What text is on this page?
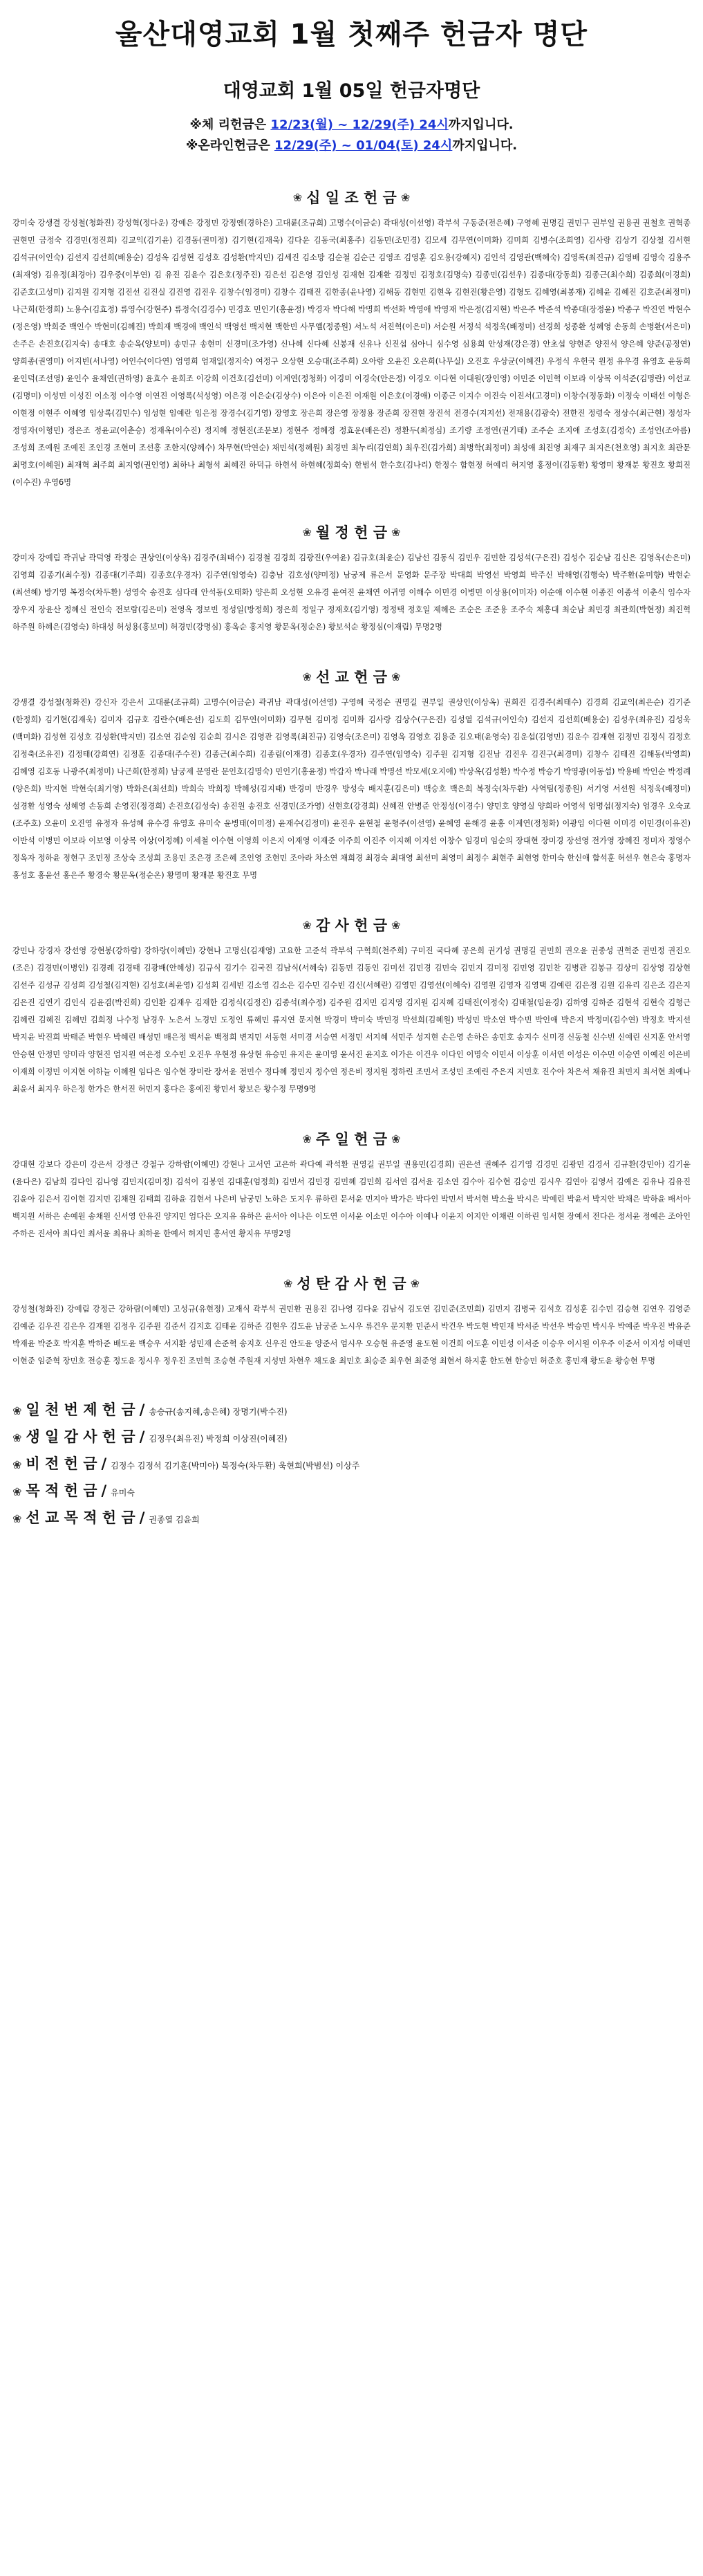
울산대영교회 1월 첫째주 헌금자 명단
대영교회 1월 05일 헌금자명단
※체 리헌금은 12/23(월) ~ 12/29(주) 24시까지입니다.
※온라인헌금은 12/29(주) ~ 01/04(토) 24시까지입니다.
❀ 십 일 조 헌 금 ❀
강미숙 강생결 강성철(청화진) 강성혁(정다운) 강예은 강정민 강정엔(경하은) 고대륜(조규희) 고명수(이금순) 곽대성(이선영) 곽부석 구동준(전은혜) 구영혜 권명길 권민구 권부일 권용권 권철호 권혁종 권현민 금정숙 김경민(정진희) 김교익(김기윤) 김경동(권미정) 김기현(김재욱) 김다운 김동국(최홍주) 김동민(조민경) 김모세 김무연(이미화) 김미희 김병수(조희영) 김사랑 김상기 김상철 김서현 김석규(이인숙) 김선지 김선희(배용순) 김성옥 김성현 김성호 김성환(박지민) 김세진 김소망 김순철 김순근 김영조 김영훈 김오용(강혜지) 김인석 김영관(백혜숙) 김영록(최진규) 김영배 김영숙 김용주(최재영) 김유정(최경아) 김우중(이부연) 김 유진 김윤수 김은호(정주진) 김은선 김은영 김인성 김재현 김재환 김정민 김정호(김명숙) 김종민(김선우) 김종대(강동희) 김종근(최수희) 김종희(이경희) 김준호(고성미) 김지원 김지형 김진선 김진실 김진영 김진우 김창수(임경미) 김창수 김태진 김한종(윤나영) 김해동 김현민 김현옥 김현진(황은영) 김형도 김혜영(최봉재) 김혜윤 김혜진 김호준(최정미) 나근희(한정희) 노용수(김효정) 류영수(강현주) 류정숙(김경수) 민경호 민인기(홍윤정) 박경자 박다해 박명희 박선화 박영애 박영재 박은정(김지현) 박은주 박준석 박종대(장정윤) 박종구 박진연 박현수(정은영) 박희준 백인수 박현미(김혜진) 박희재 백경애 백인석 백영선 백지현 백한빈 사무엘(정종원) 서노석 서진혁(이은미) 서순원 서정석 석정욱(배정미) 선경희 성종환 성혜영 손동희 손병환(서은미) 손주은 손진호(김지숙) 송대호 송순옥(양보미) 송민규 송현미 신경미(조가영) 신나혜 신다혜 신봉재 신유나 신진섭 심아니 심수영 심용희 안성재(강은경) 안초섭 양현준 양진석 양은혜 양준(공정연) 양희종(권영미) 어지빈(서나영) 어인수(이다연) 엄영희 엄재일(정지숙) 여정구 오상현 오승대(조주희) 오아람 오윤진 오은희(나무실) 오진호 우상균(이혜진) 우정식 우헌국 원정 유우경 유영호 윤동희 윤인덕(조선영) 윤인수 윤채연(권하영) 윤효수 윤희조 이강희 이건호(김선미) 이계연(정청화) 이경미 이경숙(안은정) 이경오 이다현 이대원(장인영) 이민준 이민혁 이보라 이상목 이석준(김명란) 이선교(김명미) 이성민 이성진 이소정 이수영 이연진 이영록(석성영) 이은경 이은순(김상수) 이은아 이은진 이재원 이은호(이경애) 이종근 이지수 이진숙 이진서(고경미) 이창수(정동화) 이정숙 이태선 이형은 이현정 이현주 이혜영 임상록(김민수) 임성현 임예란 임은정 장경수(김기영) 장영호 장은희 장은영 장정용 장준희 장진현 장진석 전경수(지지선) 전재용(김광숙) 전한진 정령숙 정상수(최근현) 정성자 정영자(이형민) 정은조 정윤교(이춘승) 정재옥(이수진) 정지혜 정현진(조문보) 정현주 정혜정 정효운(배은진) 정환두(최정심) 조기량 조정연(권기태) 조주순 조지애 조성호(김정숙) 조성인(조아름) 조성희 조예원 조예진 조인경 조현미 조선홍 조한지(양혜수) 차무현(박연순) 채민석(정혜원) 최경민 최누리(김연희) 최우진(김가희) 최병학(최정미) 최성애 최진영 최재구 최지은(천호영) 최지호 최관문 최명호(이혜원) 최재혁 최주희 최지영(권인영) 최하나 최형석 최혜진 하덕규 하헌석 하현혜(정희숙) 한범석 한수호(김나리) 한정수 함현정 허예리 허지영 홍정이(김동환) 황영미 황재분 황진호 황희진(이수진) 우영6명
❀ 월 정 헌 금 ❀
강미자 강예림 곽귀남 곽덕영 곽정순 권상인(이상옥) 김경주(최태수) 김경철 김경희 김광진(우여윤) 김규호(최윤순) 김남선 김동식 김민우 김민한 김성석(구은진) 김성수 김순남 김신은 김영옥(손은미) 김영희 김종기(최수정) 김종대(기주희) 김종호(우경자) 김주연(임영숙) 김충남 김호성(양미정) 남궁제 류은서 문영화 문주장 박대희 박영선 박영희 박주신 박해영(김행숙) 박주환(윤미향) 박현순(최선혜) 방기영 복정숙(차두환) 성영숙 송진호 심다래 안석동(오태화) 양은희 오성현 오유경 윤여진 윤채연 이귀영 이해수 이민경 이병민 이상용(이미자) 이순애 이수현 이종진 이종석 이춘식 임수자 장우지 장윤산 정혜신 전인숙 전보람(김은미) 전영옥 정보빈 정성일(방정희) 정은희 정일구 정재호(김기영) 정정택 정호일 제혜은 조순은 조준용 조주숙 채홍대 최순남 최민경 최관희(박현정) 최진혁 하주원 하혜은(김영숙) 하대성 허성용(홍보미) 허경민(강명심) 홍옥순 홍지영 황문옥(정순온) 황보석순 황정심(이재림) 무명2명
❀ 선 교 헌 금 ❀
강생결 강성철(청화진) 강신자 강은서 고대륜(조규희) 고명수(이금순) 곽귀남 곽대성(이선영) 구영혜 국정순 권명길 권부일 권상인(이상옥) 권희진 김경주(최태수) 김경희 김교익(최은순) 김기준(한정희) 김기현(김재욱) 김미자 김규호 김란수(배은선) 김도희 김무연(이미화) 김무현 김미정 김미화 김사랑 김상수(구은진) 김성열 김석규(이인숙) 김선지 김선희(배용순) 김성우(최유진) 김성욱(백미화) 김성현 김성호 김성환(박지민) 김소연 김순임 김순희 김시은 김영관 김영록(최진규) 김영숙(조은미) 김영옥 김영호 김용준 김오태(윤영숙) 김운섭(김영민) 김운수 김재현 김정민 김정식 김정호 김정축(조유진) 김정태(강희연) 김정훈 김종대(주수진) 김종근(최수희) 김종림(이재경) 김종호(우경자) 김주연(임영숙) 김주원 김지형 김진남 김진우 김진구(최경미) 김창수 김태진 김해동(박영희) 김혜영 김호동 나광주(최정미) 나근희(한정희) 남궁제 문영란 문인호(김명숙) 민인기(홍윤정) 박갑자 박나래 박명선 박모세(오지애) 박상옥(김성환) 박수정 박승기 박영광(이동섭) 박용배 박인순 박정례(양은희) 박지현 박현숙(최기영) 박화은(최선희) 박희숙 박희정 박혜성(김지태) 반경미 반경우 방성숙 배지훈(김은미) 백승호 백은희 복정숙(차두환) 사역팀(정종원) 서기영 서선원 석정욱(배정미) 설경환 성영숙 성혜영 손동희 손영진(정경희) 손진호(김성숙) 송진원 송진호 신경민(조가영) 신현호(강경희) 신혜진 안병준 안정성(이경수) 양민호 양영실 양희라 어영석 엄명섭(정지숙) 엄경우 오숙교(조주호) 오윤미 오진영 유정자 유성혜 유수경 유영호 유미숙 윤병태(이미정) 윤재수(김정미) 윤진우 윤현철 윤형주(이선영) 윤혜영 윤해경 윤홍 이계연(정청화) 이광임 이다현 이미경 이민경(이유진) 이반석 이병민 이보라 이보영 이상목 이상(이정혜) 이세철 이수현 이영희 이은지 이재영 이재준 이주희 이진주 이지혜 이지선 이창수 임경미 임순의 장대현 장미경 장선영 전가영 장혜진 정미자 정영수 정옥자 정하윤 정현구 조민정 조상숙 조성희 조용민 조은경 조은혜 조인영 조현민 조아라 차소연 채희경 최경숙 최대영 최선미 최영미 최정수 최현주 최현영 한미숙 한신애 함석훈 허선우 현은숙 홍명자 홍성호 홍윤선 홍은주 황경숙 황문옥(정순온) 황명미 황재분 황진호 무명
❀ 감 사 헌 금 ❀
강민나 강경자 강선영 강현봉(강하람) 강하랑(이혜민) 강현나 고명신(김재영) 고요한 고준석 곽부석 구혁희(천주희) 구미진 국다혜 공은희 권기성 권명길 권민희 권오윤 권종성 권혁준 권민정 권진오(조은) 김경민(이병인) 김경례 김경태 김광배(안혜성) 김규식 김기수 김국진 김남식(서혜숙) 김동민 김동인 김미선 김민경 김민숙 김민지 김미정 김민영 김민찬 김병관 김봉규 김상미 김상영 김상현 김선주 김성규 김성희 김성철(김지현) 김성호(최윤영) 김성회 김세빈 김소영 김소은 김수민 김수빈 김신(서혜란) 김영민 김영선(이혜숙) 김영원 김영자 김영택 김예린 김은정 김원 김유리 김은조 김은지 김은진 김연기 김인식 김윤겸(박진희) 김인환 김재우 김재한 김정식(김정진) 김종석(최수정) 김주원 김지민 김지영 김지원 김지혜 김태진(이정숙) 김태철(임윤경) 김하영 김하준 김현석 김현숙 김형근 김혜린 김혜진 김혜민 김희정 나수정 남경우 노은서 노경민 도정인 류혜민 류지연 문지현 박경미 박미숙 박민경 박선희(김혜원) 박성민 박소연 박수빈 박인애 박은지 박정미(김수연) 박정호 박지선 박지윤 박진희 박태준 박현우 박혜린 배성민 배은정 백서윤 백정희 변지민 서동현 서미경 서승연 서정민 서지혜 석민주 성지현 손은영 손하은 송민호 송지수 신미경 신동철 신수빈 신예린 신지훈 안서영 안승현 안정민 양미라 양현진 엄지원 여은정 오수빈 오진우 우현정 유상현 유승민 유지은 윤미영 윤서진 윤지호 이가은 이건우 이다인 이명숙 이민서 이상훈 이서연 이성은 이수민 이승연 이예진 이은비 이재희 이정민 이지현 이하늘 이혜원 임다은 임수현 장미란 장서윤 전민수 정다혜 정민지 정수연 정은비 정지원 정하린 조민서 조성민 조예린 주은지 지민호 진수아 차은서 채유진 최민지 최서현 최예나 최윤서 최지우 하은정 한가은 한서진 허민지 홍다은 홍예진 황민서 황보은 황수정 무명9명
❀ 주 일 헌 금 ❀
강대현 강보다 강은미 강은서 강정근 강철구 강하람(이혜민) 강현나 고서연 고은하 곽다예 곽석환 권영길 권부일 권용민(김경희) 권은선 권혜주 김기영 김경민 김광민 김경서 김규환(강민아) 김기윤(윤다은) 김남희 김다인 김나영 김민지(김미정) 김석이 김봉연 김대훈(엄정희) 김민서 김민경 김민혜 김민희 김서연 김서윤 김소연 김수아 김수현 김승민 김시우 김연아 김영서 김예은 김유나 김유진 김윤아 김은서 김이현 김지민 김채원 김태희 김하윤 김현서 나은비 남궁민 노하은 도지우 류하린 문서윤 민지아 박가은 박다인 박민서 박서현 박소율 박시은 박예린 박윤서 박지안 박채은 박하윤 배서아 백지원 서하은 손예원 송채원 신서영 안유진 양지민 엄다은 오지유 유하은 윤서아 이나은 이도연 이서윤 이소민 이수아 이예나 이윤지 이지안 이채린 이하린 임서현 장예서 전다은 정서윤 정예은 조아인 주하은 진서아 최다인 최서윤 최유나 최하윤 한예서 허지민 홍서연 황지유 무명2명
❀ 성 탄 감 사 헌 금 ❀
강성철(청화진) 강예림 강정근 강하람(이혜민) 고성규(유현정) 고재식 곽부석 권민환 권용진 김나영 김다윤 김남식 김도연 김민준(조민희) 김민지 김병국 김석호 김성훈 김수민 김승현 김연우 김영준 김예준 김우진 김은우 김재원 김정우 김주원 김준서 김지호 김태윤 김하준 김현우 김도윤 남궁준 노시우 류건우 문지환 민준서 박건우 박도현 박민재 박서준 박선우 박승민 박시우 박예준 박우진 박유준 박재윤 박준호 박지훈 박하준 배도윤 백승우 서지환 성민재 손준혁 송지호 신우진 안도윤 양준서 엄시우 오승현 유준영 윤도현 이건희 이도훈 이민성 이서준 이승우 이시원 이우주 이준서 이지성 이태민 이현준 임준혁 장민호 전승훈 정도윤 정시우 정우진 조민혁 조승현 주원재 지성민 차현우 채도윤 최민호 최승준 최우현 최준영 최현서 하지훈 한도현 한승민 허준호 홍민재 황도윤 황승현 무명
❀ 일 천 번 제 헌 금 / 송승규(송지혜,송은혜) 장명기(박수진)
❀ 생 일 감 사 헌 금 / 김정우(최유진) 박정희 이상진(이혜진)
❀ 비 전 헌 금 / 김정수 김정석 김기훈(박미아) 복정숙(차두환) 욱현희(박범선) 이상주
❀ 목 적 헌 금 / 유미숙
❀ 선 교 목 적 헌 금 / 권종열 김윤희
